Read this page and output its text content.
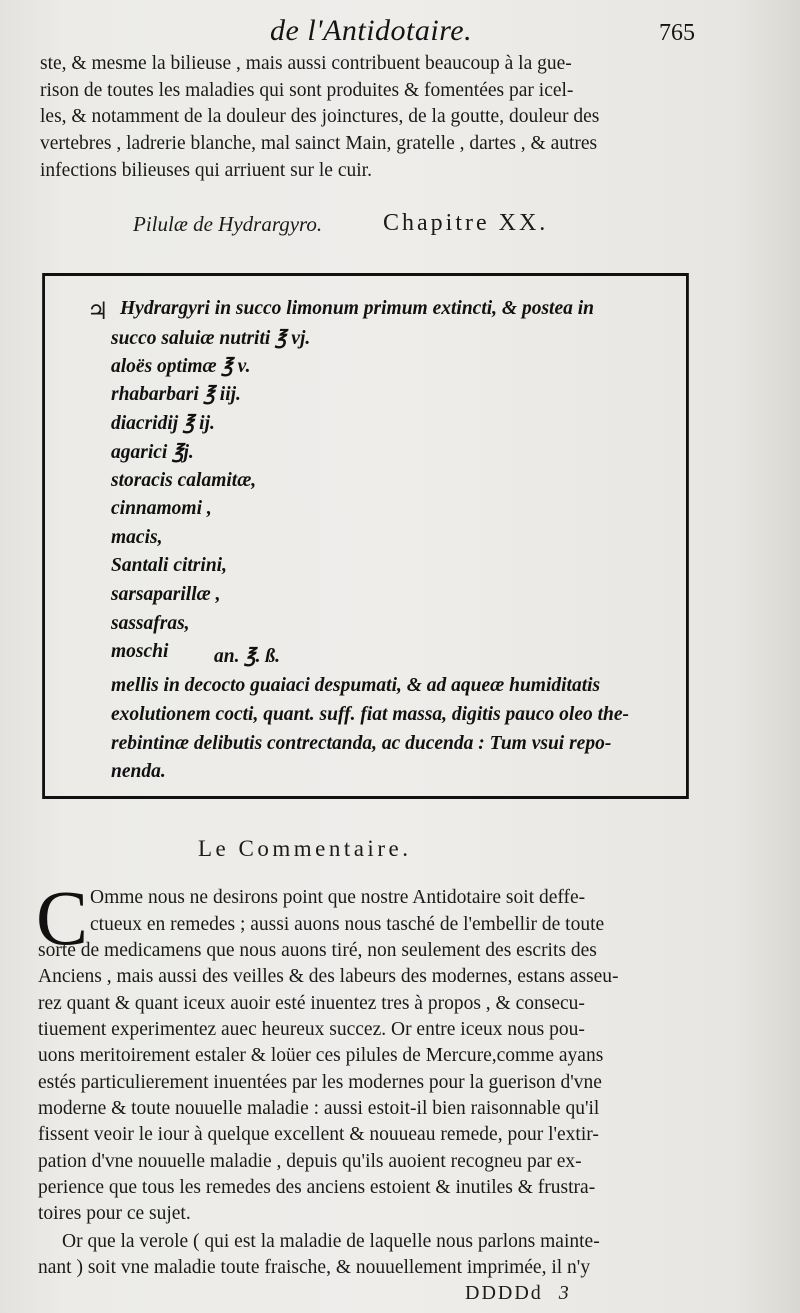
de l'Antidotaire.	765
ste, & mesme la bilieuse , mais aussi contribuent beaucoup à la gue-
rison de toutes les maladies qui sont produites & fomentées par icel-
les, & notamment de la douleur des joinctures, de la goutte, douleur des
vertebres , ladrerie blanche, mal sainct Main, gratelle , dartes , & autres
infections bilieuses qui arriuent sur le cuir.
Pilulæ de Hydrargyro.	Chapitre XX.
♃ Hydrargyri in succo limonum primum extincti, & postea in
succo saluiæ nutriti ℥ vj.
aloës optimæ ℥ v.
rhabarbari ℥ iij.
diacridij ℥ ij.
agarici ℥j.
storacis calamitæ,
cinnamomi ,
macis,
Santali citrini,
sarsaparillæ ,
sassafras,
moschi an. ℥. ß.
mellis in decocto guaiaci despumati, & ad aqueæ humiditatis
exolutionem cocti, quant. suff. fiat massa, digitis pauco oleo the-
rebintinæ delibutis contrectanda, ac ducenda : Tum vsui repo-
nenda.
Le Commentaire.
C Omme nous ne desirons point que nostre Antidotaire soit deffe-
ctueux en remedes ; aussi auons nous tasché de l'embellir de toute
sorte de medicamens que nous auons tiré, non seulement des escrits des
Anciens , mais aussi des veilles & des labeurs des modernes, estans asseu-
rez quant & quant iceux auoir esté inuentez tres à propos , & consecu-
tiuement experimentez auec heureux succez. Or entre iceux nous pou-
uons meritoirement estaler & loüer ces pilules de Mercure,comme ayans
estés particulierement inuentées par les modernes pour la guerison d'vne
moderne & toute nouuelle maladie : aussi estoit-il bien raisonnable qu'il
fissent veoir le iour à quelque excellent & nouueau remede, pour l'extir-
pation d'vne nouuelle maladie , depuis qu'ils auoient recogneu par ex-
perience que tous les remedes des anciens estoient & inutiles & frustra-
toires pour ce sujet.
Or que la verole ( qui est la maladie de laquelle nous parlons mainte-
nant ) soit vne maladie toute fraische, & nouuellement imprimée, il n'y
DDDDd 3
